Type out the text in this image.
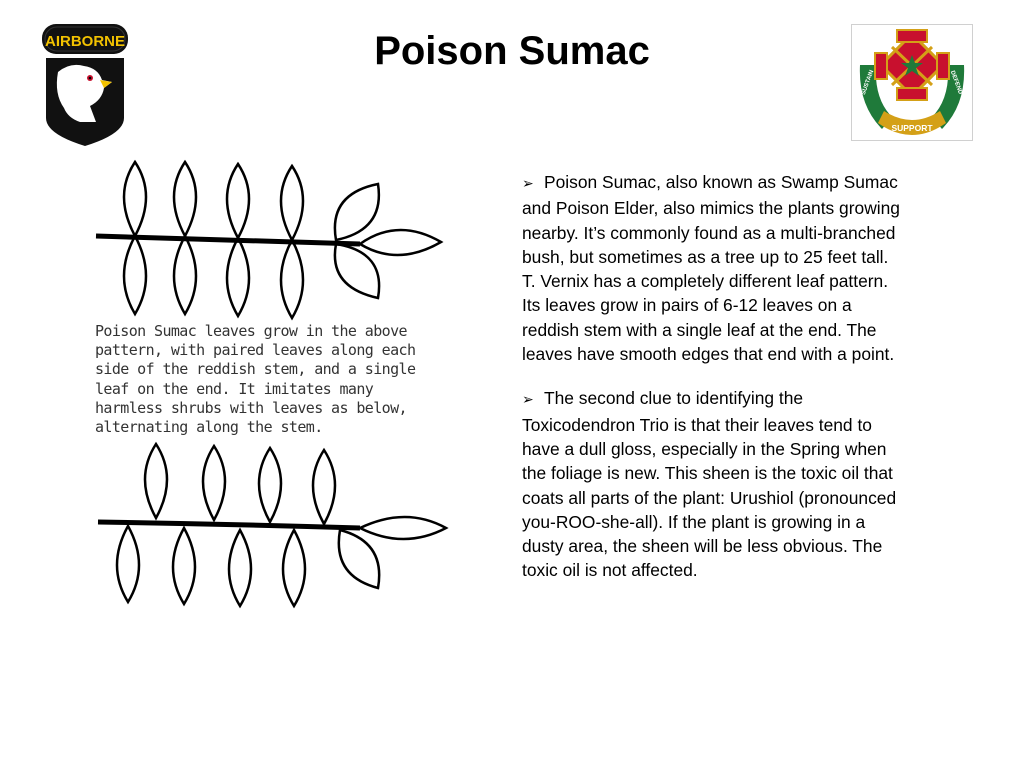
Poison Sumac
AIRBORNE
SUPPORT
SUSTAIN	DEFEND
Poison Sumac leaves grow in the above
pattern, with paired leaves along each
side of the reddish stem, and a single
leaf on the end. It imitates many
harmless shrubs with leaves as below,
alternating along the stem.
➢ Poison Sumac, also known as Swamp Sumac
and Poison Elder, also mimics the plants growing
nearby. It’s commonly found as a multi-branched
bush, but sometimes as a tree up to 25 feet tall.
T. Vernix has a completely different leaf pattern.
Its leaves grow in pairs of 6-12 leaves on a
reddish stem with a single leaf at the end. The
leaves have smooth edges that end with a point.
➢ The second clue to identifying the
Toxicodendron Trio is that their leaves tend to
have a dull gloss, especially in the Spring when
the foliage is new. This sheen is the toxic oil that
coats all parts of the plant: Urushiol (pronounced
you-ROO-she-all). If the plant is growing in a
dusty area, the sheen will be less obvious. The
toxic oil is not affected.
